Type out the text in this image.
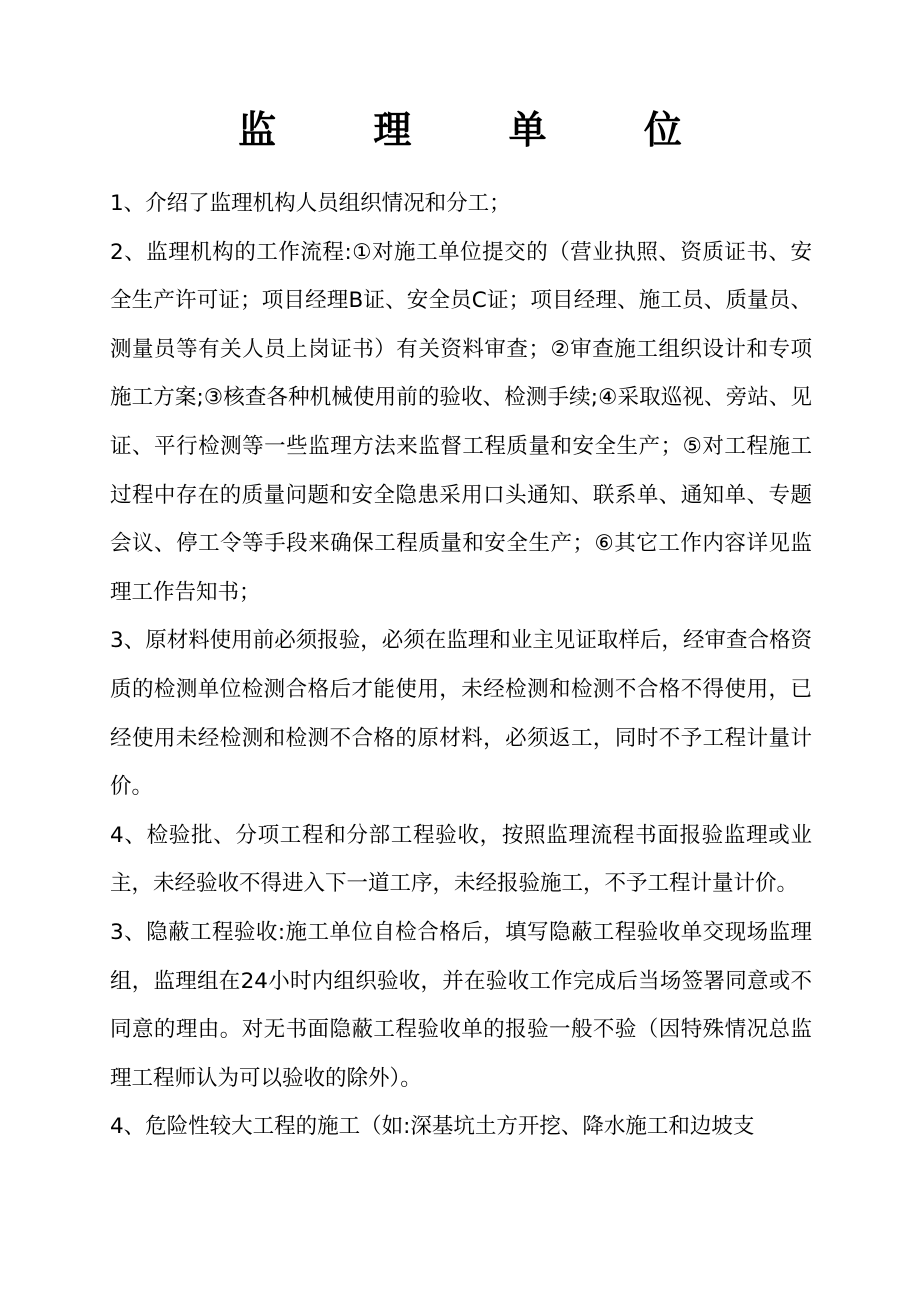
监 理 单 位

1、介绍了监理机构人员组织情况和分工；

2、监理机构的工作流程:①对施工单位提交的（营业执照、资质证书、安全生产许可证；项目经理B证、安全员C证；项目经理、施工员、质量员、测量员等有关人员上岗证书）有关资料审查；②审查施工组织设计和专项施工方案;③核查各种机械使用前的验收、检测手续;④采取巡视、旁站、见证、平行检测等一些监理方法来监督工程质量和安全生产；⑤对工程施工过程中存在的质量问题和安全隐患采用口头通知、联系单、通知单、专题会议、停工令等手段来确保工程质量和安全生产；⑥其它工作内容详见监理工作告知书；

3、原材料使用前必须报验，必须在监理和业主见证取样后，经审查合格资质的检测单位检测合格后才能使用，未经检测和检测不合格不得使用，已经使用未经检测和检测不合格的原材料，必须返工，同时不予工程计量计价。

4、检验批、分项工程和分部工程验收，按照监理流程书面报验监理或业主，未经验收不得进入下一道工序，未经报验施工，不予工程计量计价。

3、隐蔽工程验收:施工单位自检合格后，填写隐蔽工程验收单交现场监理组，监理组在24小时内组织验收，并在验收工作完成后当场签署同意或不同意的理由。对无书面隐蔽工程验收单的报验一般不验（因特殊情况总监理工程师认为可以验收的除外）。

4、危险性较大工程的施工（如:深基坑土方开挖、降水施工和边坡支
